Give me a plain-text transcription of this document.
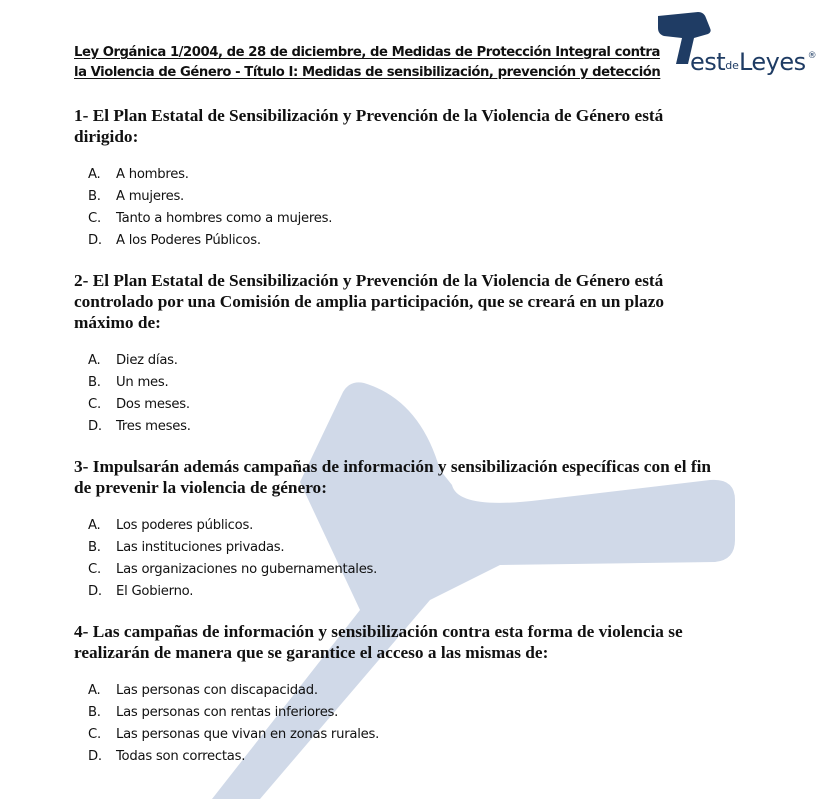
Ley Orgánica 1/2004, de 28 de diciembre, de Medidas de Protección Integral contra
la Violencia de Género - Título I: Medidas de sensibilización, prevención y detección estdeLeyes ®

1- El Plan Estatal de Sensibilización y Prevención de la Violencia de Género está dirigido:

A. A hombres.
B. A mujeres.
C. Tanto a hombres como a mujeres.
D. A los Poderes Públicos.

2- El Plan Estatal de Sensibilización y Prevención de la Violencia de Género está controlado por una Comisión de amplia participación, que se creará en un plazo máximo de:

A. Diez días.
B. Un mes.
C. Dos meses.
D. Tres meses.

3- Impulsarán además campañas de información y sensibilización específicas con el fin de prevenir la violencia de género:

A. Los poderes públicos.
B. Las instituciones privadas.
C. Las organizaciones no gubernamentales.
D. El Gobierno.

4- Las campañas de información y sensibilización contra esta forma de violencia se realizarán de manera que se garantice el acceso a las mismas de:

A. Las personas con discapacidad.
B. Las personas con rentas inferiores.
C. Las personas que vivan en zonas rurales.
D. Todas son correctas.
